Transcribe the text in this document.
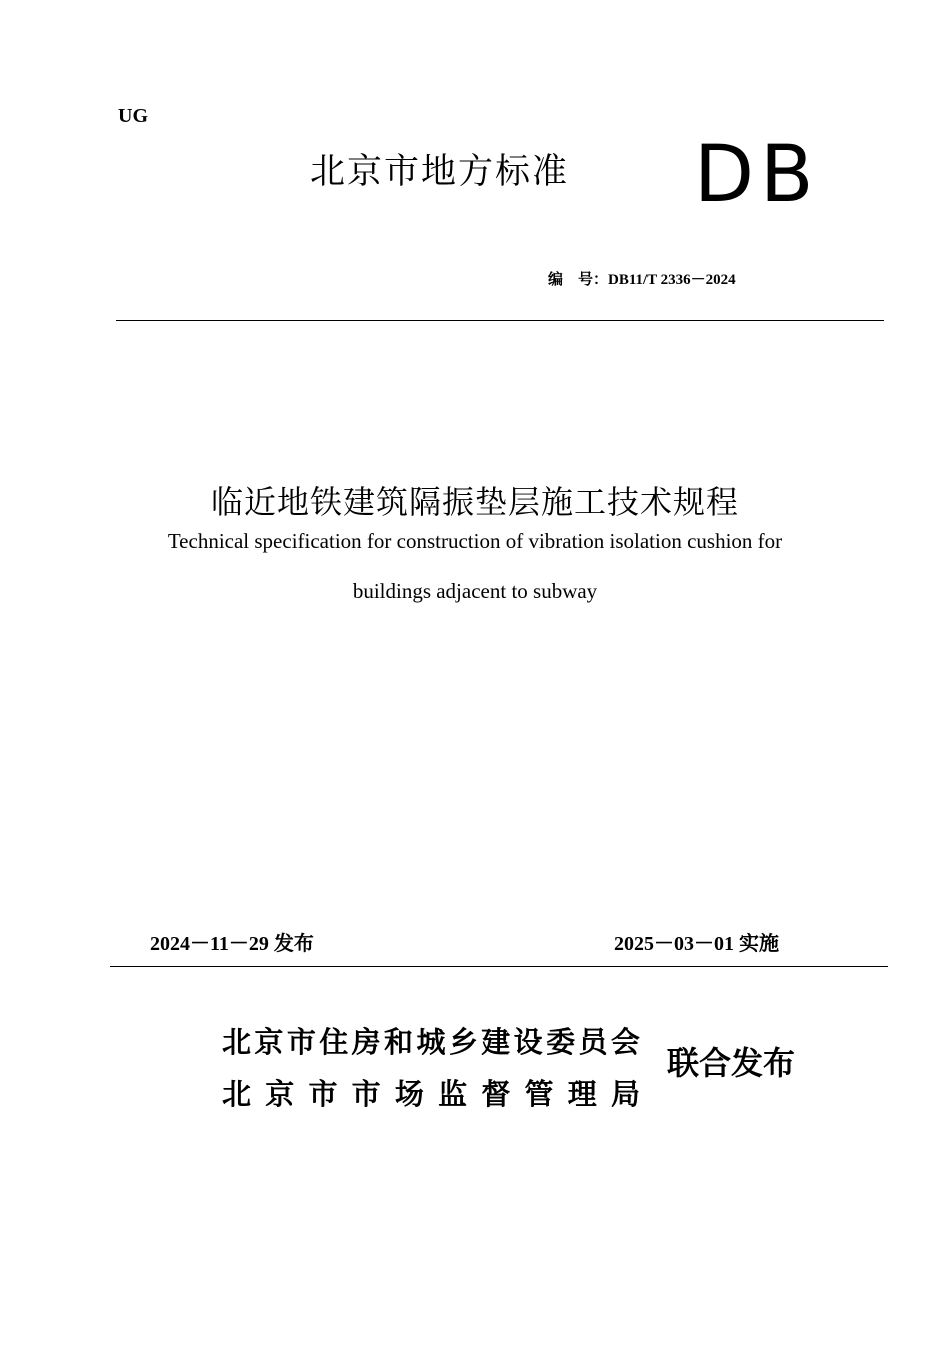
UG
北京市地方标准 DB
编　号：DB11/T 2336－2024
临近地铁建筑隔振垫层施工技术规程
Technical specification for construction of vibration isolation cushion for
buildings adjacent to subway
2024－11－29 发布	2025－03－01 实施
北 京 市 住 房 和 城 乡 建 设 委 员 会
北 京 市 市 场 监 督 管 理 局
联合发布
